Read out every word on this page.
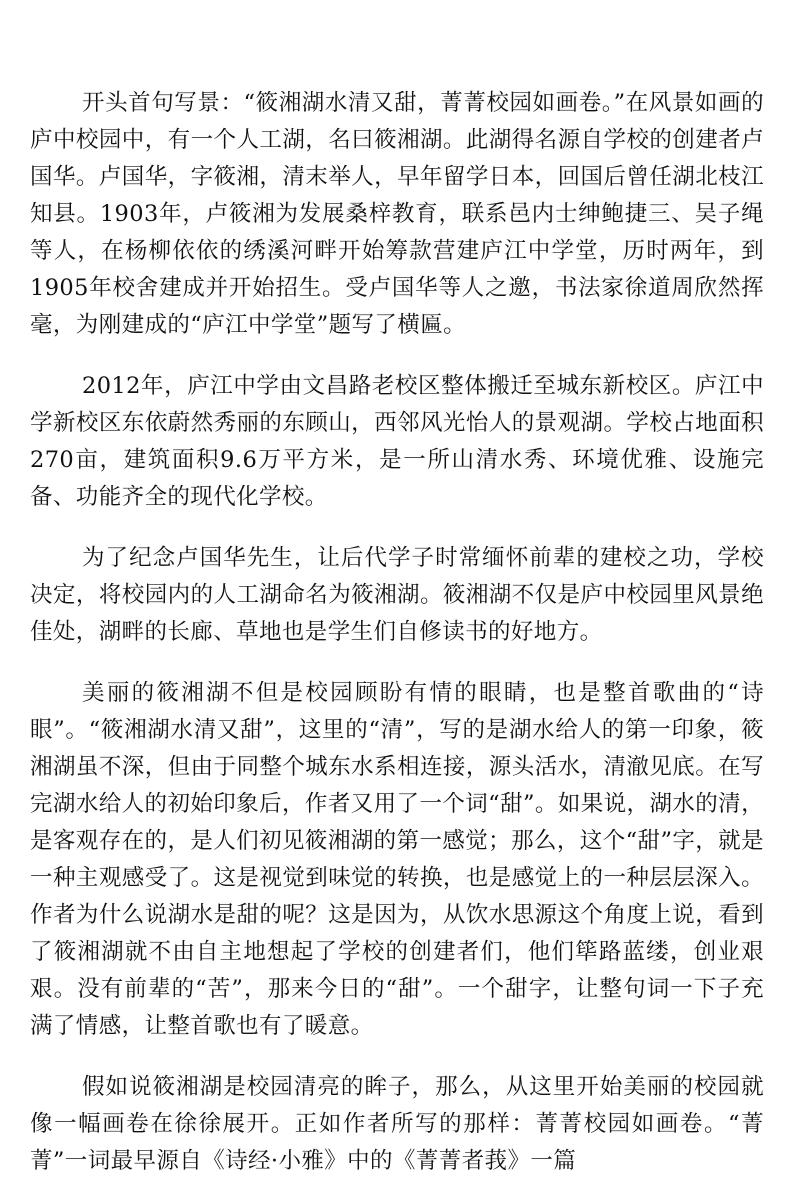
开头首句写景：“筱湘湖水清又甜，菁菁校园如画卷。”在风景如画的庐中校园中，有一个人工湖，名曰筱湘湖。此湖得名源自学校的创建者卢国华。卢国华，字筱湘，清末举人，早年留学日本，回国后曾任湖北枝江知县。1903年，卢筱湘为发展桑梓教育，联系邑内士绅鲍捷三、吴子绳等人，在杨柳依依的绣溪河畔开始筹款营建庐江中学堂，历时两年，到1905年校舍建成并开始招生。受卢国华等人之邀，书法家徐道周欣然挥毫，为刚建成的“庐江中学堂”题写了横匾。

2012年，庐江中学由文昌路老校区整体搬迁至城东新校区。庐江中学新校区东依蔚然秀丽的东顾山，西邻风光怡人的景观湖。学校占地面积270亩，建筑面积9.6万平方米，是一所山清水秀、环境优雅、设施完备、功能齐全的现代化学校。

为了纪念卢国华先生，让后代学子时常缅怀前辈的建校之功，学校决定，将校园内的人工湖命名为筱湘湖。筱湘湖不仅是庐中校园里风景绝佳处，湖畔的长廊、草地也是学生们自修读书的好地方。

美丽的筱湘湖不但是校园顾盼有情的眼睛，也是整首歌曲的“诗眼”。“筱湘湖水清又甜”，这里的“清”，写的是湖水给人的第一印象，筱湘湖虽不深，但由于同整个城东水系相连接，源头活水，清澈见底。在写完湖水给人的初始印象后，作者又用了一个词“甜”。如果说，湖水的清，是客观存在的，是人们初见筱湘湖的第一感觉；那么，这个“甜”字，就是一种主观感受了。这是视觉到味觉的转换，也是感觉上的一种层层深入。作者为什么说湖水是甜的呢？这是因为，从饮水思源这个角度上说，看到了筱湘湖就不由自主地想起了学校的创建者们，他们筚路蓝缕，创业艰艰。没有前辈的“苦”，那来今日的“甜”。一个甜字，让整句词一下子充满了情感，让整首歌也有了暖意。

假如说筱湘湖是校园清亮的眸子，那么，从这里开始美丽的校园就像一幅画卷在徐徐展开。正如作者所写的那样：菁菁校园如画卷。“菁菁”一词最早源自《诗经·小雅》中的《菁菁者莪》一篇
